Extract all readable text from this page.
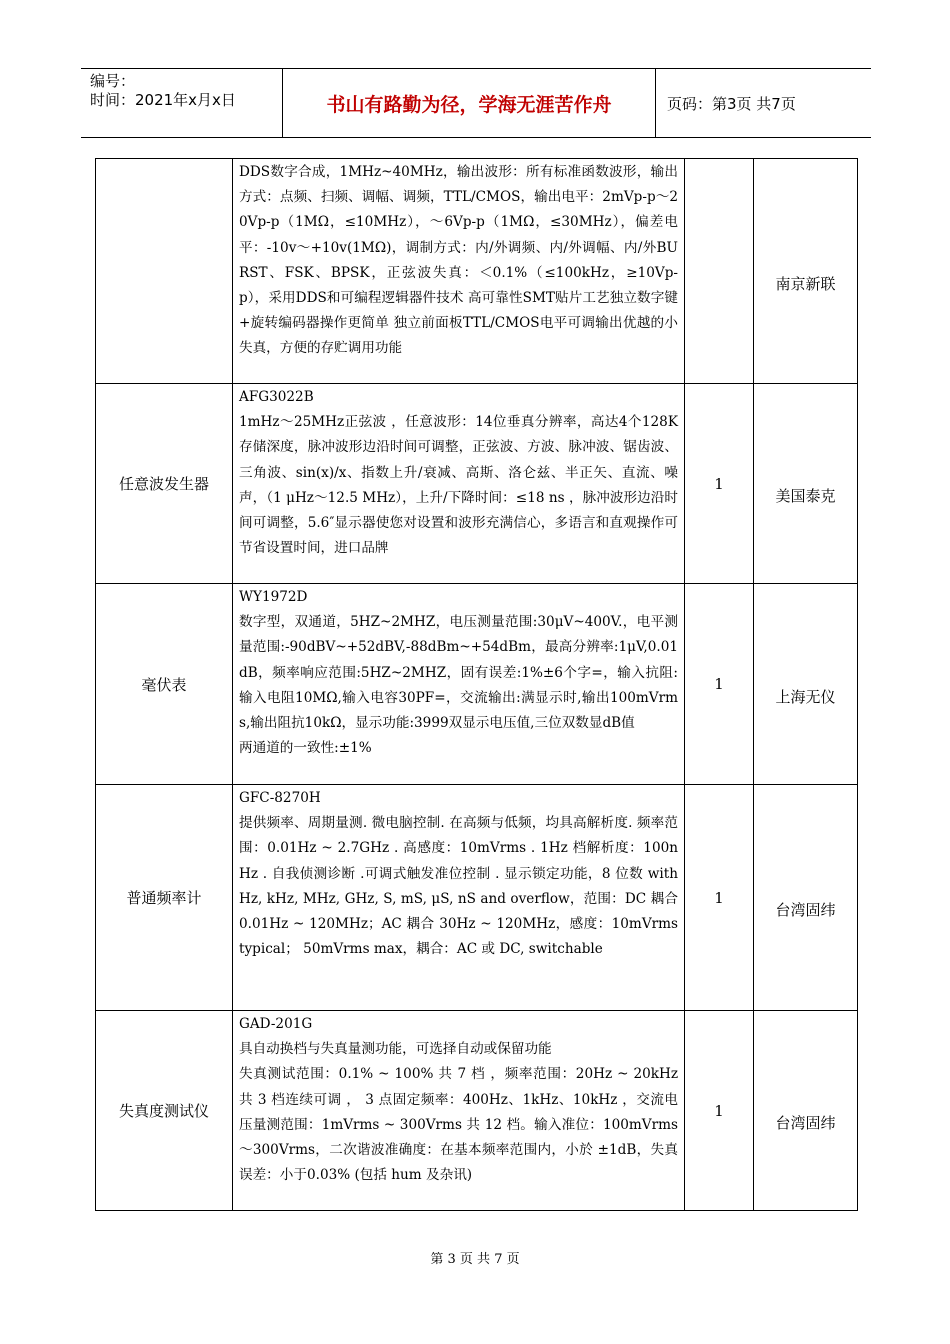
编号：
时间：2021年x月x日	书山有路勤为径，学海无涯苦作舟	页码：第3页 共7页

	DDS数字合成，1MHz~40MHz，输出波形：所有标准函数波形，输出方式：点频、扫频、调幅、调频，TTL/CMOS，输出电平：2mVp-p～20Vp-p（1MΩ，≤10MHz），～6Vp-p（1MΩ，≤30MHz），偏差电平：-10v～+10v(1MΩ)，调制方式：内/外调频、内/外调幅、内/外BURST、FSK、BPSK，正弦波失真：＜0.1%（≤100kHz，≥10Vp-p），采用DDS和可编程逻辑器件技术 高可靠性SMT贴片工艺独立数字键+旋转编码器操作更简单 独立前面板TTL/CMOS电平可调输出优越的小失真，方便的存贮调用功能		南京新联
任意波发生器	AFG3022B
1mHz～25MHz正弦波 ，任意波形：14位垂真分辨率，高达4个128K存储深度，脉冲波形边沿时间可调整，正弦波、方波、脉冲波、锯齿波、三角波、sin(x)/x、指数上升/衰减、高斯、洛仑兹、半正矢、直流、噪声，（1 μHz～12.5 MHz），上升/下降时间：≤18 ns ，脉冲波形边沿时间可调整，5.6″显示器使您对设置和波形充满信心，多语言和直观操作可节省设置时间，进口品牌	1	美国泰克
毫伏表	WY1972D
数字型，双通道，5HZ~2MHZ，电压测量范围:30μV~400V.，电平测量范围:-90dBV~+52dBV,-88dBm~+54dBm，最高分辨率:1μV,0.01dB，频率响应范围:5HZ~2MHZ，固有误差:1%±6个字=，输入抗阻:输入电阻10MΩ,输入电容30PF=，交流输出:满显示时,输出100mVrms,输出阻抗10kΩ，显示功能:3999双显示电压值,三位双数显dB值
两通道的一致性:±1%	1	上海无仪
普通频率计	GFC-8270H
提供频率、周期量测. 微电脑控制. 在高频与低频，均具高解析度. 频率范围：0.01Hz ~ 2.7GHz . 高感度：10mVrms . 1Hz 档解析度：100nHz . 自我侦测诊断 .可调式触发准位控制 . 显示锁定功能，8 位数 with Hz, kHz, MHz, GHz, S, mS, μS, nS and overflow，范围：DC 耦合 0.01Hz ~ 120MHz；AC 耦合 30Hz ~ 120MHz，感度：10mVrms typical； 50mVrms max，耦合：AC 或 DC, switchable	1	台湾固纬
失真度测试仪	GAD-201G
具自动换档与失真量测功能，可选择自动或保留功能
失真测试范围：0.1% ~ 100% 共 7 档 ，频率范围：20Hz ~ 20kHz 共 3 档连续可调 ， 3 点固定频率：400Hz、1kHz、10kHz ，交流电压量测范围：1mVrms ~ 300Vrms 共 12 档。输入准位：100mVrms～300Vrms，二次谐波准确度：在基本频率范围内，小於 ±1dB，失真误差：小于0.03% (包括 hum 及杂讯)	1	台湾固纬
第 3 页 共 7 页
